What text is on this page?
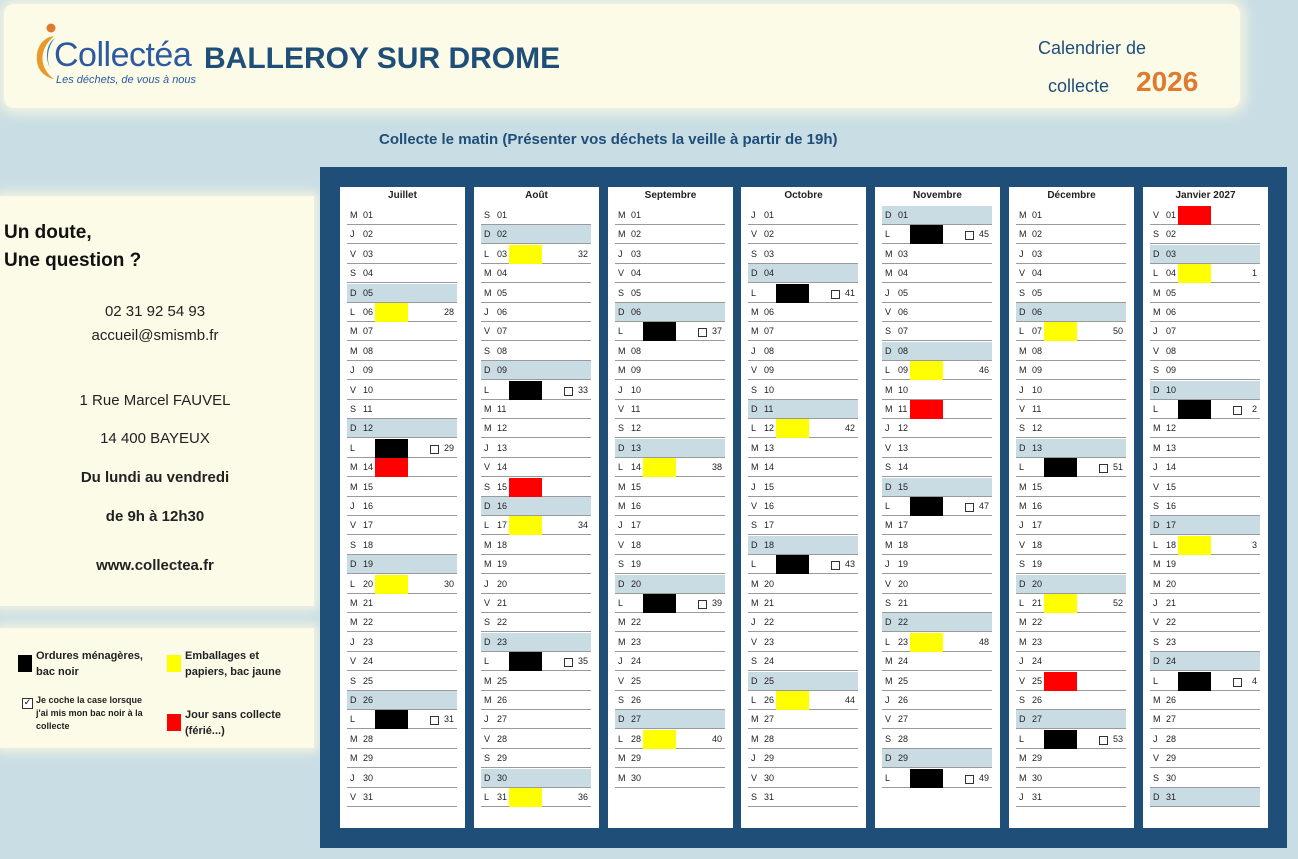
Collectéa
Les déchets, de vous à nous
BALLEROY SUR DROME	Calendrier de
collecte 2026
Collecte le matin (Présenter vos déchets la veille à partir de 19h)
Un doute,
Une question ?
02 31 92 54 93
accueil@smismb.fr
1 Rue Marcel FAUVEL
14 400 BAYEUX
Du lundi au vendredi
de 9h à 12h30
www.collectea.fr
Ordures ménagères, bac noir
Emballages et papiers, bac jaune
✓ Je coche la case lorsque j'ai mis mon bac noir à la collecte
Jour sans collecte (férié...)
Juillet
M 01
J 02
V 03
S 04
D 05
L 06	28
M 07
M 08
J 09
V 10
S 11
D 12
L 13	29
M 14
M 15
J 16
V 17
S 18
D 19
L 20	30
M 21
M 22
J 23
V 24
S 25
D 26
L 27	31
M 28
M 29
J 30
V 31
Août
S 01
D 02
L 03	32
M 04
M 05
J 06
V 07
S 08
D 09
L 10	33
M 11
M 12
J 13
V 14
S 15
D 16
L 17	34
M 18
M 19
J 20
V 21
S 22
D 23
L 24	35
M 25
M 26
J 27
V 28
S 29
D 30
L 31	36
Septembre
M 01
M 02
J 03
V 04
S 05
D 06
L 07	37
M 08
M 09
J 10
V 11
S 12
D 13
L 14	38
M 15
M 16
J 17
V 18
S 19
D 20
L 21	39
M 22
M 23
J 24
V 25
S 26
D 27
L 28	40
M 29
M 30
Octobre
J 01
V 02
S 03
D 04
L 05	41
M 06
M 07
J 08
V 09
S 10
D 11
L 12	42
M 13
M 14
J 15
V 16
S 17
D 18
L 19	43
M 20
M 21
J 22
V 23
S 24
D 25
L 26	44
M 27
M 28
J 29
V 30
S 31
Novembre
D 01
L 02	45
M 03
M 04
J 05
V 06
S 07
D 08
L 09	46
M 10
M 11
J 12
V 13
S 14
D 15
L 16	47
M 17
M 18
J 19
V 20
S 21
D 22
L 23	48
M 24
M 25
J 26
V 27
S 28
D 29
L 30	49
Décembre
M 01
M 02
J 03
V 04
S 05
D 06
L 07	50
M 08
M 09
J 10
V 11
S 12
D 13
L 14	51
M 15
M 16
J 17
V 18
S 19
D 20
L 21	52
M 22
M 23
J 24
V 25
S 26
D 27
L 28	53
M 29
M 30
J 31
Janvier 2027
V 01
S 02
D 03
L 04	1
M 05
M 06
J 07
V 08
S 09
D 10
L 11	2
M 12
M 13
J 14
V 15
S 16
D 17
L 18	3
M 19
M 20
J 21
V 22
S 23
D 24
L 25	4
M 26
M 27
J 28
V 29
S 30
D 31
